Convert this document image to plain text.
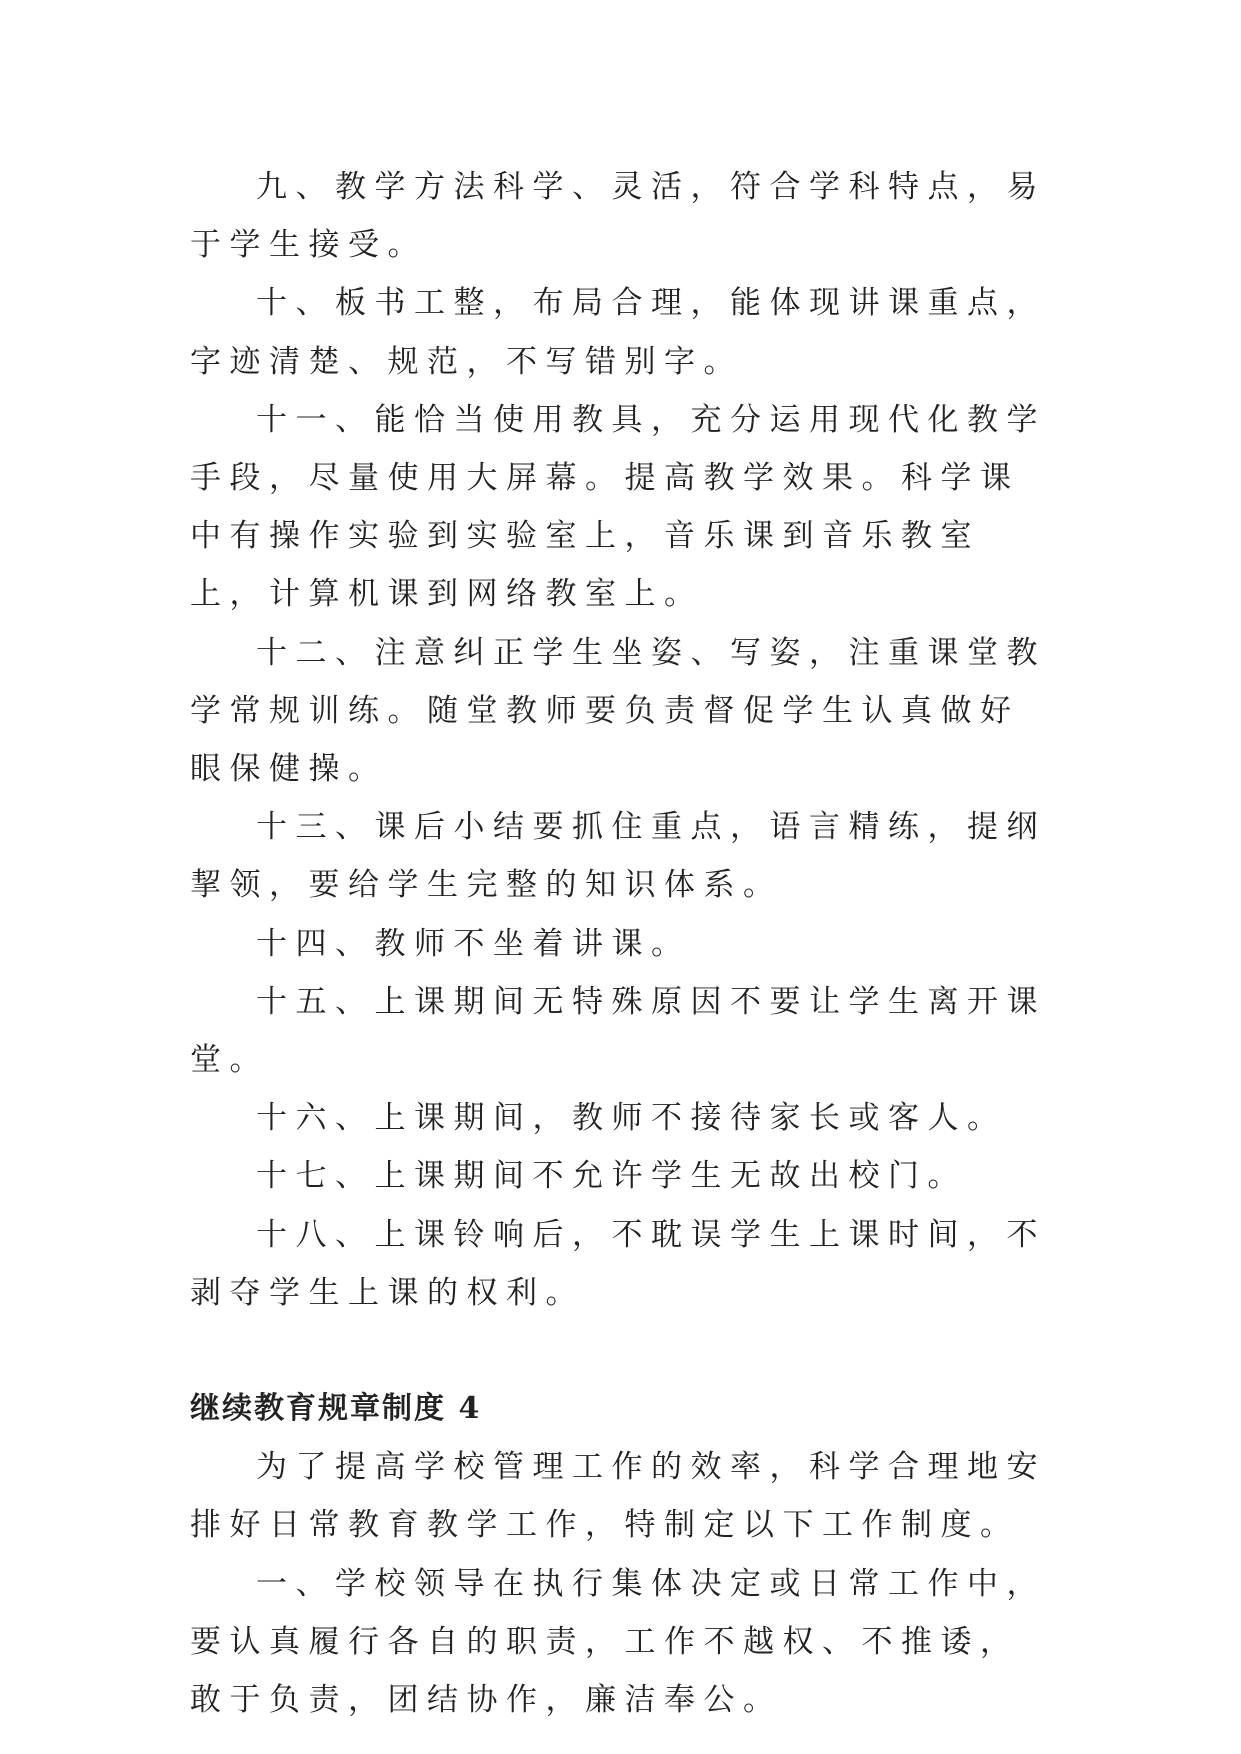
九、教学方法科学、灵活，符合学科特点，易于学生接受。

十、板书工整，布局合理，能体现讲课重点，字迹清楚、规范，不写错别字。

十一、能恰当使用教具，充分运用现代化教学手段，尽量使用大屏幕。提高教学效果。科学课中有操作实验到实验室上，音乐课到音乐教室上，计算机课到网络教室上。

十二、注意纠正学生坐姿、写姿，注重课堂教学常规训练。随堂教师要负责督促学生认真做好眼保健操。

十三、课后小结要抓住重点，语言精练，提纲挈领，要给学生完整的知识体系。

十四、教师不坐着讲课。

十五、上课期间无特殊原因不要让学生离开课堂。

十六、上课期间，教师不接待家长或客人。

十七、上课期间不允许学生无故出校门。

十八、上课铃响后，不耽误学生上课时间，不剥夺学生上课的权利。

继续教育规章制度 4

为了提高学校管理工作的效率，科学合理地安排好日常教育教学工作，特制定以下工作制度。

一、学校领导在执行集体决定或日常工作中，要认真履行各自的职责，工作不越权、不推诿，敢于负责，团结协作，廉洁奉公。
